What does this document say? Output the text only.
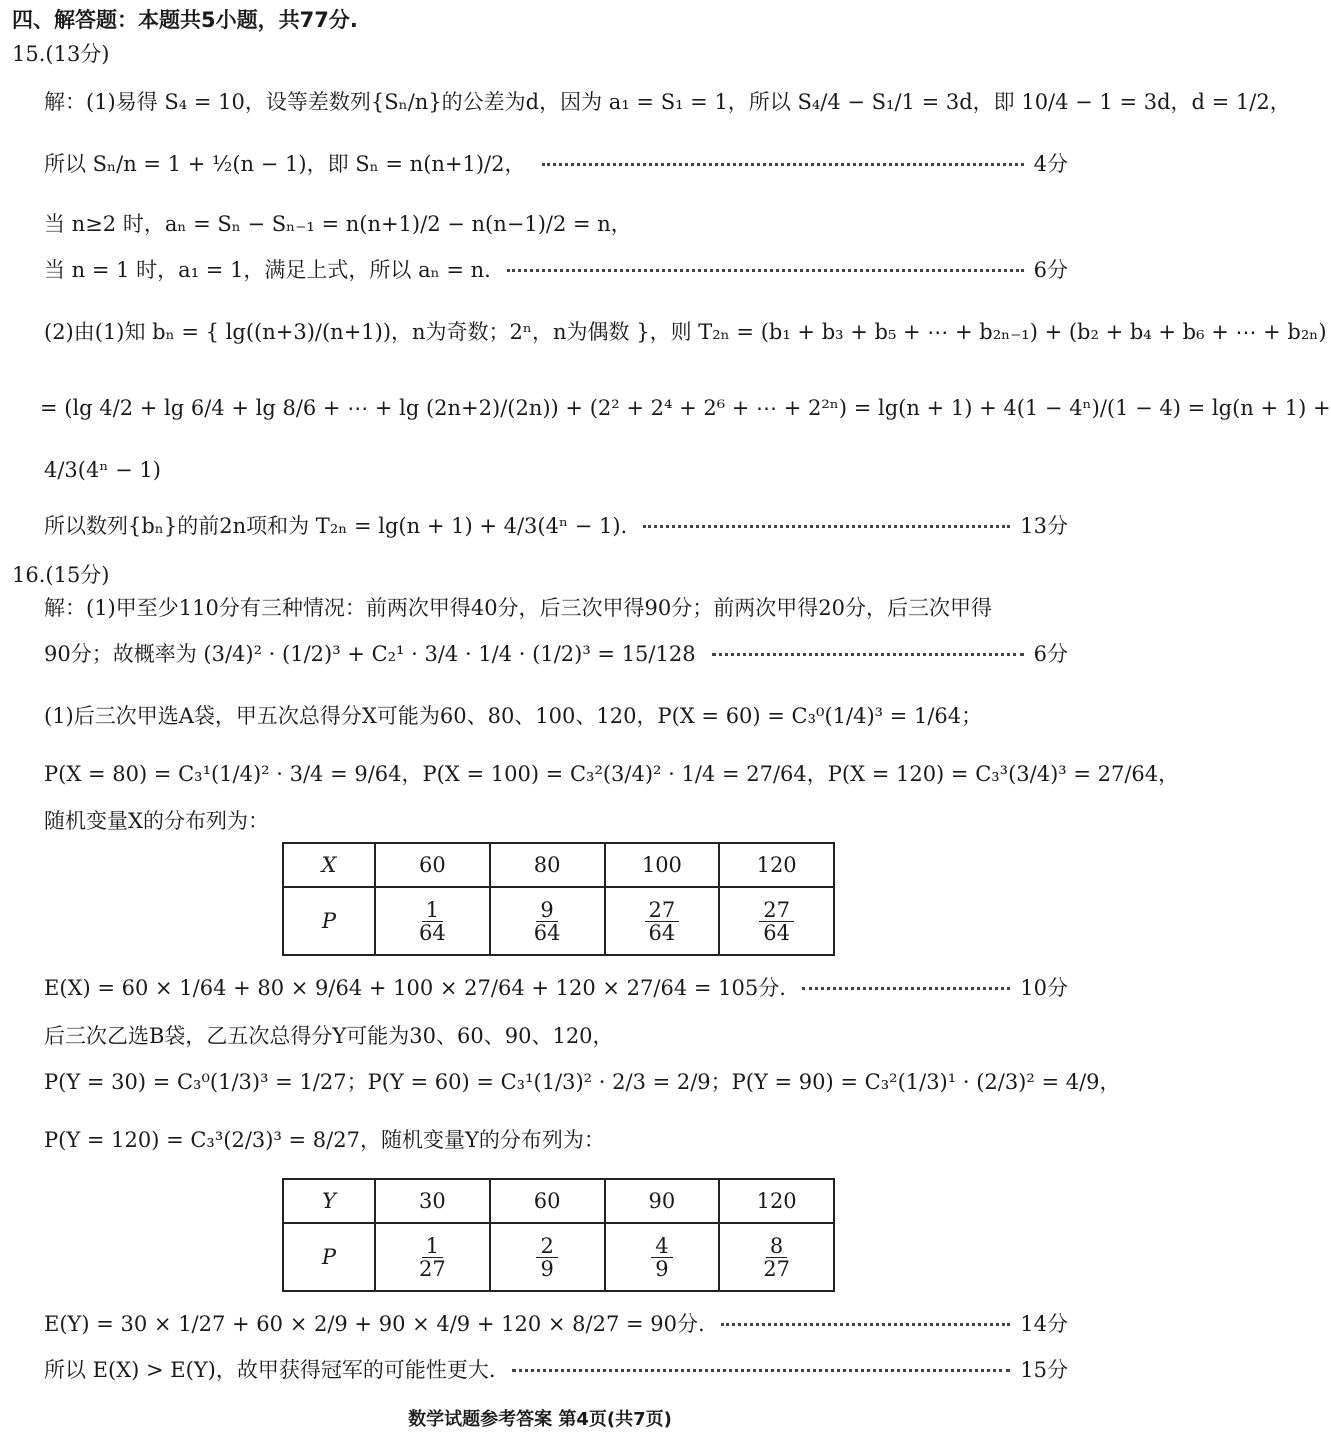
四、解答题：本题共5小题，共77分.
15.(13分)
解：(1)易得 S₄ = 10，设等差数列{Sₙ/n}的公差为d，因为 a₁ = S₁ = 1，所以 S₄/4 − S₁/1 = 3d，即 10/4 − 1 = 3d，d = 1/2，
所以 Sₙ/n = 1 + ½(n − 1)，即 Sₙ = n(n+1)/2，	4分
当 n≥2 时，aₙ = Sₙ − Sₙ₋₁ = n(n+1)/2 − n(n−1)/2 = n，
当 n = 1 时，a₁ = 1，满足上式，所以 aₙ = n.	6分
(2)由(1)知 bₙ = { lg((n+3)/(n+1))，n为奇数；2ⁿ，n为偶数 }，则 T₂ₙ = (b₁ + b₃ + b₅ + ⋯ + b₂ₙ₋₁) + (b₂ + b₄ + b₆ + ⋯ + b₂ₙ)
= (lg 4/2 + lg 6/4 + lg 8/6 + ⋯ + lg (2n+2)/(2n)) + (2² + 2⁴ + 2⁶ + ⋯ + 2²ⁿ) = lg(n + 1) + 4(1 − 4ⁿ)/(1 − 4) = lg(n + 1) +
4/3(4ⁿ − 1)
所以数列{bₙ}的前2n项和为 T₂ₙ = lg(n + 1) + 4/3(4ⁿ − 1).	13分
16.(15分)
解：(1)甲至少110分有三种情况：前两次甲得40分，后三次甲得90分；前两次甲得20分，后三次甲得
90分；故概率为 (3/4)² · (1/2)³ + C₂¹ · 3/4 · 1/4 · (1/2)³ = 15/128	6分
(1)后三次甲选A袋，甲五次总得分X可能为60、80、100、120，P(X = 60) = C₃⁰(1/4)³ = 1/64；
P(X = 80) = C₃¹(1/4)² · 3/4 = 9/64，P(X = 100) = C₃²(3/4)² · 1/4 = 27/64，P(X = 120) = C₃³(3/4)³ = 27/64，
随机变量X的分布列为：
X	60	80	100	120
P	$\frac{1}{64}$	$\frac{9}{64}$	$\frac{27}{64}$	$\frac{27}{64}$
E(X) = 60 × 1/64 + 80 × 9/64 + 100 × 27/64 + 120 × 27/64 = 105分.	10分
后三次乙选B袋，乙五次总得分Y可能为30、60、90、120，
P(Y = 30) = C₃⁰(1/3)³ = 1/27；P(Y = 60) = C₃¹(1/3)² · 2/3 = 2/9；P(Y = 90) = C₃²(1/3)¹ · (2/3)² = 4/9，
P(Y = 120) = C₃³(2/3)³ = 8/27，随机变量Y的分布列为：
Y	30	60	90	120
P	$\frac{1}{27}$	$\frac{2}{9}$	$\frac{4}{9}$	$\frac{8}{27}$
E(Y) = 30 × 1/27 + 60 × 2/9 + 90 × 4/9 + 120 × 8/27 = 90分.	14分
所以 E(X) > E(Y)，故甲获得冠军的可能性更大.	15分
数学试题参考答案 第4页(共7页)
